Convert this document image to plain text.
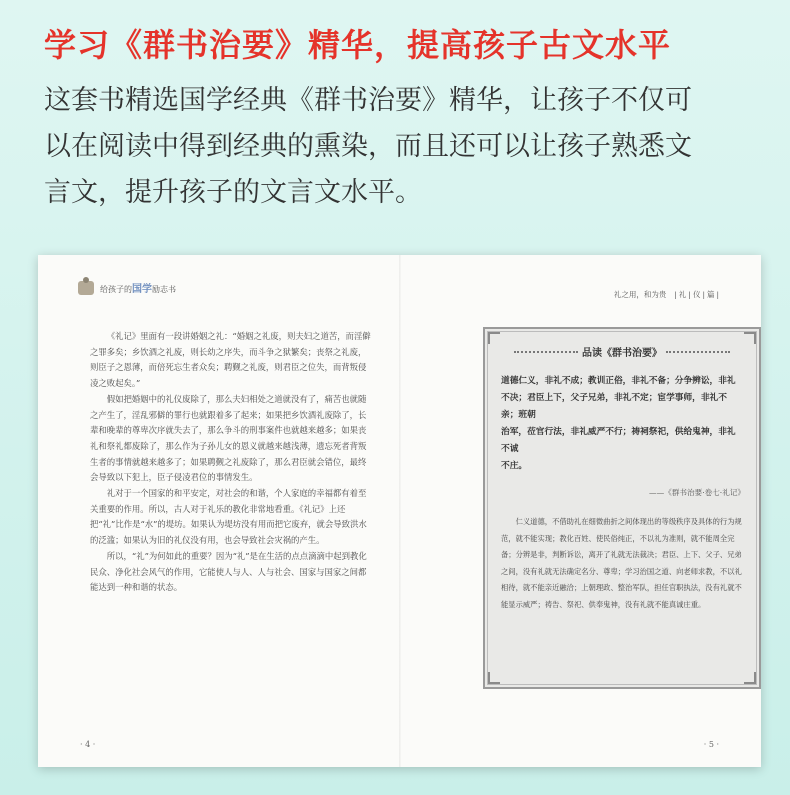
学习《群书治要》精华，提高孩子古文水平
这套书精选国学经典《群书治要》精华，让孩子不仅可
以在阅读中得到经典的熏染，而且还可以让孩子熟悉文
言文，提升孩子的文言文水平。
给孩子的国学励志书

《礼记》里面有一段讲婚姻之礼：“婚姻之礼废，则夫妇之道苦，而淫僻之罪多矣；乡饮酒之礼废，则长幼之序失，而斗争之狱繁矣；丧祭之礼废，则臣子之恩薄，而倍死忘生者众矣；聘觐之礼废，则君臣之位失，而背叛侵凌之败起矣。”

假如把婚姻中的礼仪废除了，那么夫妇相处之道就没有了，痛苦也就随之产生了，淫乱邪僻的罪行也就跟着多了起来；如果把乡饮酒礼废除了，长辈和晚辈的尊卑次序就失去了，那么争斗的刑事案件也就越来越多；如果丧礼和祭礼都废除了，那么作为子孙儿女的恩义就越来越浅薄，遗忘死者背叛生者的事情就越来越多了；如果聘觐之礼废除了，那么君臣就会错位，最终会导致以下犯上，臣子侵凌君位的事情发生。

礼对于一个国家的和平安定，对社会的和谐，个人家庭的幸福都有着至关重要的作用。所以，古人对于礼乐的教化非常地看重。《礼记》上还把“礼”比作是“水”的堤坊。如果认为堤坊没有用而把它废弃，就会导致洪水的泛滥；如果认为旧的礼仪没有用，也会导致社会灾祸的产生。

所以，“礼”为何如此的重要？因为“礼”是在生活的点点滴滴中起到教化民众、净化社会风气的作用，它能使人与人、人与社会、国家与国家之间都能达到一种和谐的状态。

· 4 ·
礼之用，和为贵 |礼|仪|篇|
品读《群书治要》

道德仁义，非礼不成；教训正俗，非礼不备；分争辨讼，非礼

不决；君臣上下，父子兄弟，非礼不定；宦学事师，非礼不亲；班朝

治军，莅官行法，非礼威严不行；祷祠祭祀，供给鬼神，非礼不诚

不庄。

——《群书治要·卷七·礼记》

仁义道德，不借助礼在细微曲折之间体现出的等级秩序及具体的行为规范，就不能实现；教化百姓、使民俗纯正，不以礼为准则，就不能周全完备；分辨是非，判断诉讼，离开了礼就无法裁决；君臣、上下、父子、兄弟之间，没有礼就无法确定名分、尊卑；学习治国之道、向老师求教，不以礼相待，就不能亲近融洽；上朝理政、整治军队，担任官职执法，没有礼就不能显示威严；祷告、祭祀、供奉鬼神，没有礼就不能真诚庄重。

· 5 ·
